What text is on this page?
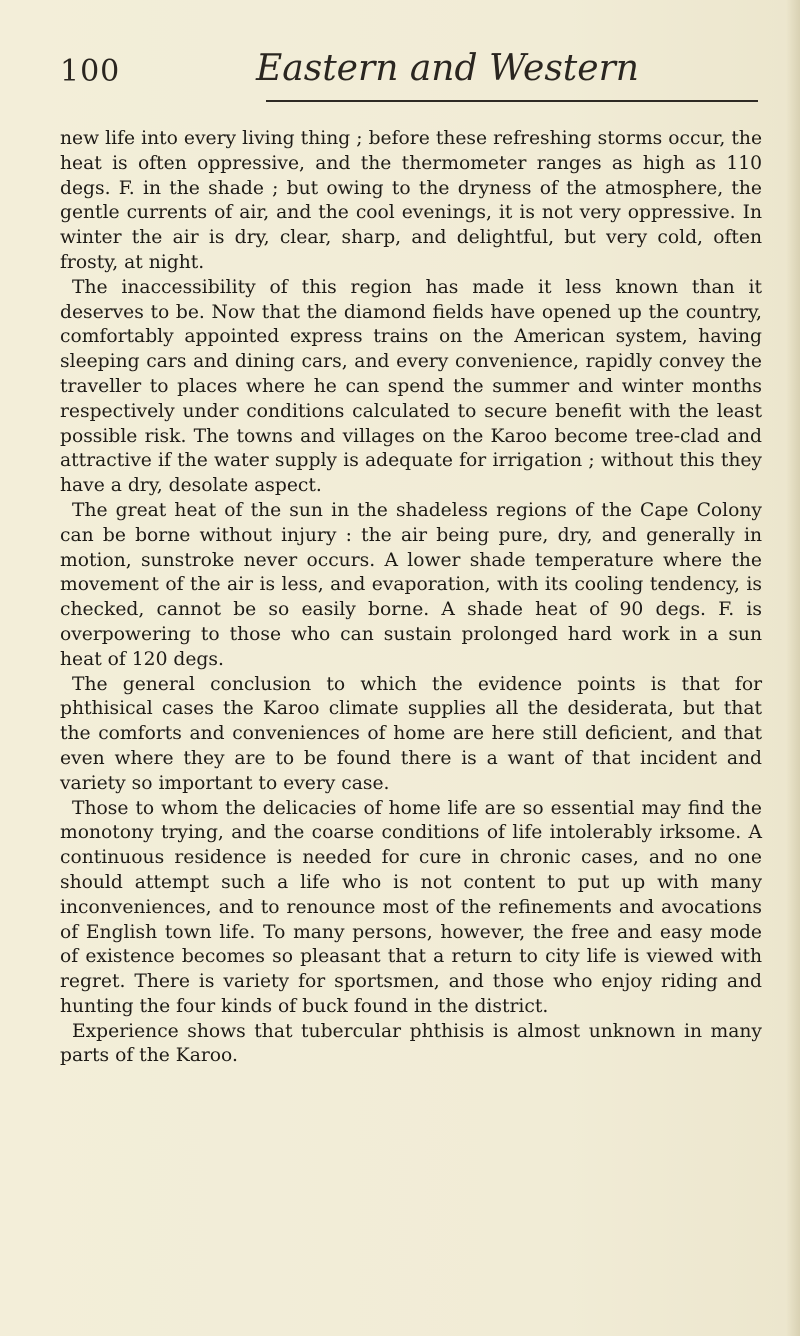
100	Eastern and Western

new life into every living thing ; before these refreshing storms occur, the heat is often oppressive, and the thermometer ranges as high as 110 degs. F. in the shade ; but owing to the dryness of the atmosphere, the gentle currents of air, and the cool evenings, it is not very oppressive. In winter the air is dry, clear, sharp, and delightful, but very cold, often frosty, at night.

The inaccessibility of this region has made it less known than it deserves to be. Now that the diamond fields have opened up the country, comfortably appointed express trains on the American system, having sleeping cars and dining cars, and every convenience, rapidly convey the traveller to places where he can spend the summer and winter months respectively under conditions calculated to secure benefit with the least possible risk. The towns and villages on the Karoo become tree-clad and attractive if the water supply is adequate for irrigation ; without this they have a dry, desolate aspect.

The great heat of the sun in the shadeless regions of the Cape Colony can be borne without injury : the air being pure, dry, and generally in motion, sunstroke never occurs. A lower shade temperature where the movement of the air is less, and evaporation, with its cooling tendency, is checked, cannot be so easily borne. A shade heat of 90 degs. F. is overpowering to those who can sustain prolonged hard work in a sun heat of 120 degs.

The general conclusion to which the evidence points is that for phthisical cases the Karoo climate supplies all the desiderata, but that the comforts and conveniences of home are here still deficient, and that even where they are to be found there is a want of that incident and variety so important to every case.

Those to whom the delicacies of home life are so essential may find the monotony trying, and the coarse conditions of life intolerably irksome. A continuous residence is needed for cure in chronic cases, and no one should attempt such a life who is not content to put up with many inconveniences, and to renounce most of the refinements and avocations of English town life. To many persons, however, the free and easy mode of existence becomes so pleasant that a return to city life is viewed with regret. There is variety for sportsmen, and those who enjoy riding and hunting the four kinds of buck found in the district.

Experience shows that tubercular phthisis is almost unknown in many parts of the Karoo.
